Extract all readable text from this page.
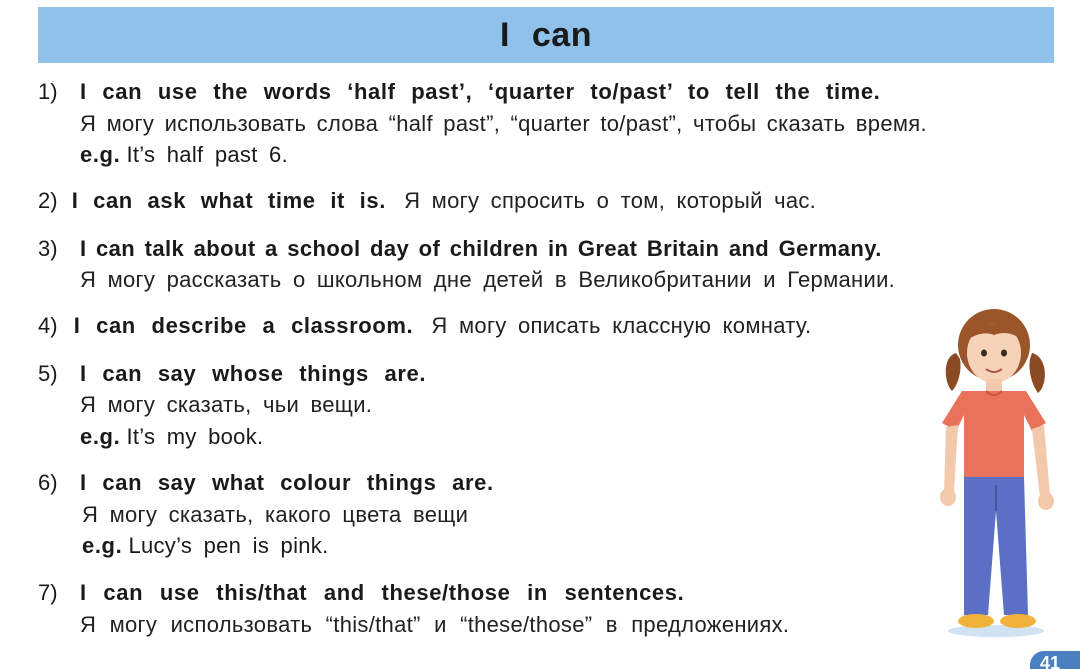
I can
1) I can use the words ‘half past’, ‘quarter to/past’ to tell the time.
Я могу использовать слова “half past”, “quarter to/past”, чтобы сказать время.
e.g. It’s half past 6.
2) I can ask what time it is. Я могу спросить о том, который час.
3) I can talk about a school day of children in Great Britain and Germany.
Я могу рассказать о школьном дне детей в Великобритании и Германии.
4) I can describe a classroom. Я могу описать классную комнату.
5) I can say whose things are.
Я могу сказать, чьи вещи.
e.g. It’s my book.
6) I can say what colour things are.
Я могу сказать, какого цвета вещи
e.g. Lucy’s pen is pink.
7) I can use this/that and these/those in sentences.
Я могу использовать “this/that” и “these/those” в предложениях.
41
